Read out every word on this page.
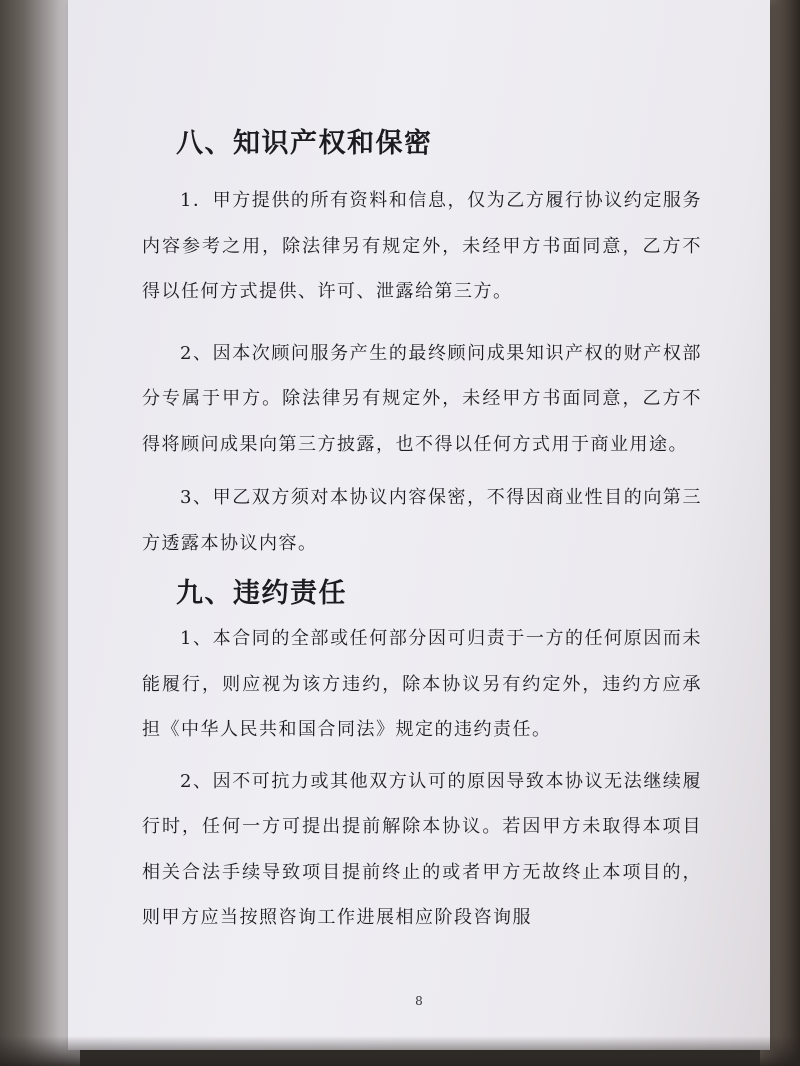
八、知识产权和保密

1．甲方提供的所有资料和信息，仅为乙方履行协议约定服务内容参考之用，除法律另有规定外，未经甲方书面同意，乙方不得以任何方式提供、许可、泄露给第三方。

2、因本次顾问服务产生的最终顾问成果知识产权的财产权部分专属于甲方。除法律另有规定外，未经甲方书面同意，乙方不得将顾问成果向第三方披露，也不得以任何方式用于商业用途。

3、甲乙双方须对本协议内容保密，不得因商业性目的向第三方透露本协议内容。

九、违约责任

1、本合同的全部或任何部分因可归责于一方的任何原因而未能履行，则应视为该方违约，除本协议另有约定外，违约方应承担《中华人民共和国合同法》规定的违约责任。

2、因不可抗力或其他双方认可的原因导致本协议无法继续履行时，任何一方可提出提前解除本协议。若因甲方未取得本项目相关合法手续导致项目提前终止的或者甲方无故终止本项目的，则甲方应当按照咨询工作进展相应阶段咨询服

8
